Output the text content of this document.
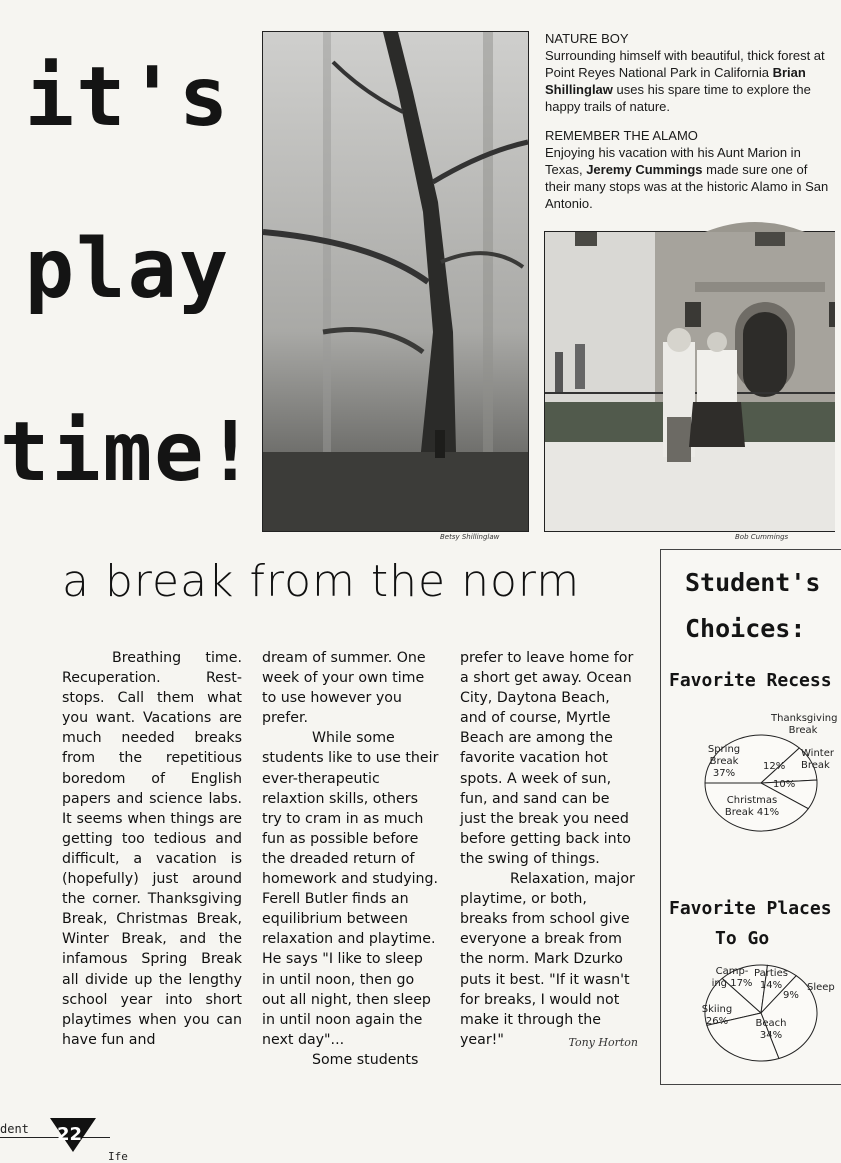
it's
play
time!
Betsy Shillinglaw
NATURE BOY
Surrounding himself with beautiful, thick forest at Point Reyes National Park in California Brian Shillinglaw uses his spare time to explore the happy trails of nature.
REMEMBER THE ALAMO
Enjoying his vacation with his Aunt Marion in Texas, Jeremy Cummings made sure one of their many stops was at the historic Alamo in San Antonio.
Bob Cummings
a break from the norm

Breathing time. Recuperation. Rest-stops. Call them what you want. Vacations are much needed breaks from the repetitious boredom of English papers and science labs. It seems when things are getting too tedious and difficult, a vacation is (hopefully) just around the corner. Thanksgiving Break, Christmas Break, Winter Break, and the infamous Spring Break all divide up the lengthy school year into short playtimes when you can have fun and

dream of summer. One week of your own time to use however you prefer.

While some students like to use their ever-therapeutic relaxtion skills, others try to cram in as much fun as possible before the dreaded return of homework and studying. Ferell Butler finds an equilibrium between relaxation and playtime. He says "I like to sleep in until noon, then go out all night, then sleep in until noon again the next day"...

Some students

prefer to leave home for a short get away. Ocean City, Daytona Beach, and of course, Myrtle Beach are among the favorite vacation hot spots. A week of sun, fun, and sand can be just the break you need before getting back into the swing of things.

Relaxation, major playtime, or both, breaks from school give everyone a break from the norm. Mark Dzurko puts it best. "If it wasn't for breaks, I would not make it through the year!"	Tony Horton
Student's
Choices:
Favorite Recess
Spring Break 37%
Thanksgiving Break
12%
Winter Break
10%
Christmas Break 41%
Favorite Places
To Go
Camp-ing 17%
Parties 14%	Sleep
9%
Skiing 26%	Beach 34%
dent 22
Ife
